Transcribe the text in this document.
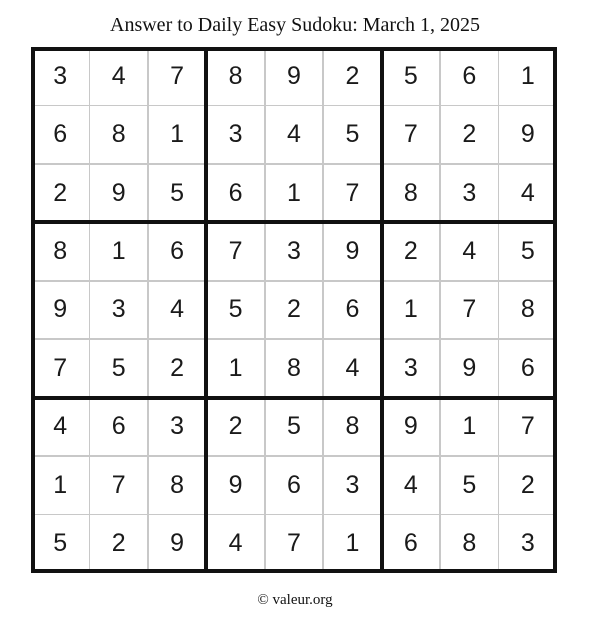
Answer to Daily Easy Sudoku: March 1, 2025
3	4	7	8	9	2	5	6	1
6	8	1	3	4	5	7	2	9
2	9	5	6	1	7	8	3	4
8	1	6	7	3	9	2	4	5
9	3	4	5	2	6	1	7	8
7	5	2	1	8	4	3	9	6
4	6	3	2	5	8	9	1	7
1	7	8	9	6	3	4	5	2
5	2	9	4	7	1	6	8	3
© valeur.org
